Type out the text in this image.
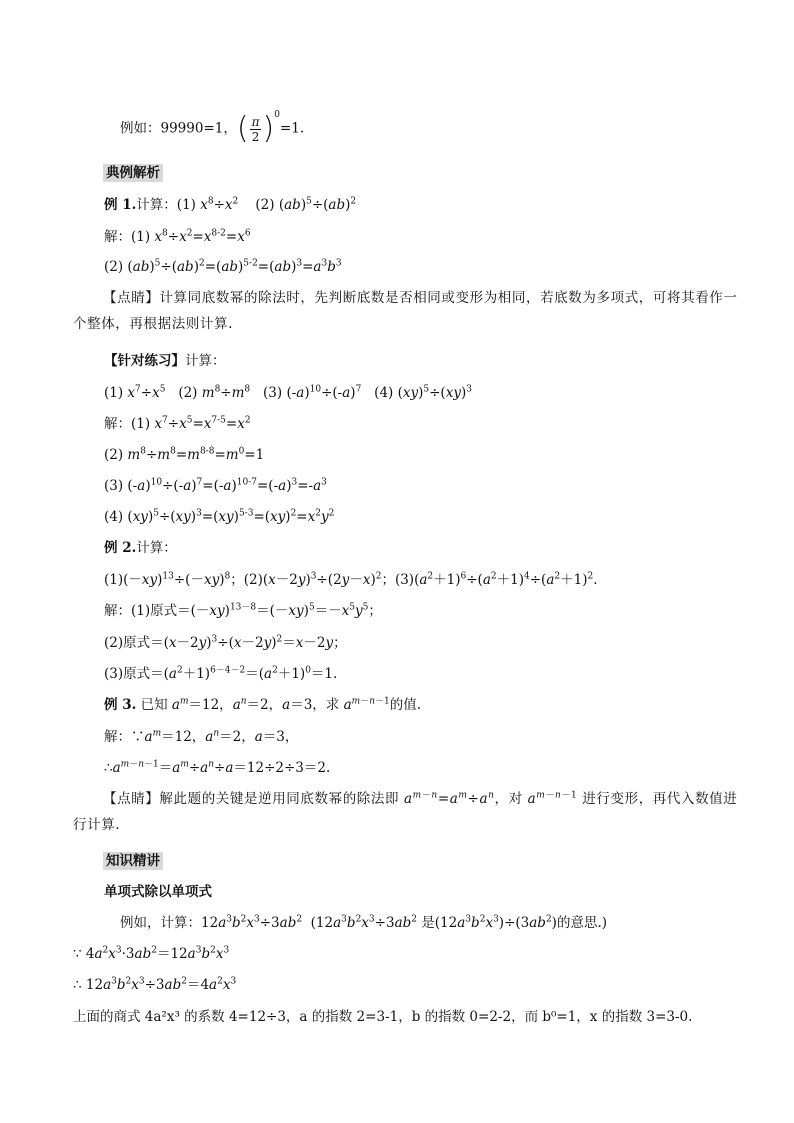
例如：99990=1，( $\frac{\pi}{2} )^0=1$.
典例解析
例 1.计算：(1) $x^8\div x^2$    (2) (ab)$^5$÷(ab)$^2$
解：(1) $x^8\div x^2=x^{8-2}=x^6$
(2) $(ab)^5\div(ab)^2=(ab)^{5-2}=(ab)^3=a^3b^3$
【点睛】计算同底数幂的除法时，先判断底数是否相同或变形为相同，若底数为多项式，可将其看作一个整体，再根据法则计算.
【针对练习】计算：
(1) $x^7\div x^5$   (2) $m^8\div m^8$   (3) $(-a)^{10}\div(-a)^7$   (4) (xy)$^5$÷(xy)$^3$
解：(1) $x^7\div x^5=x^{7-5}=x^2$
(2) $m^8\div m^8=m^{8-8}=m^0=1$
(3) $(-a)^{10}\div(-a)^7=(-a)^{10-7}=(-a)^3=-a^3$
(4) $(xy)^5\div(xy)^3=(xy)^{5-3}=(xy)^2=x^2y^2$
例 2.计算：
$(1)(-xy)^{13}\div(-xy)^8$；$(2)(x-2y)^3\div(2y-x)^2$；$(3)(a^2+1)^6\div(a^2+1)^4\div(a^2+1)^2$.
解：(1)原式$=(-xy)^{13-8}=(-xy)^5=-x^5y^5$；
(2)原式$=(x-2y)^3\div(x-2y)^2=x-2y$；
(3)原式$=(a^2+1)^{6-4-2}=(a^2+1)^0=1$.
例 3. 已知 $a^m=12$，$a^n=2$，a＝3，求 $a^{m-n-1}$的值.
解：$\because a^m=12$，$a^n=2$，a＝3，
$\therefore a^{m-n-1}=a^m\div a^n\div a=12\div 2\div 3=2$.
【点睛】解此题的关键是逆用同底数幂的除法即 $a^{m-n}=a^m\div a^n$，对 $a^{m-n-1}$ 进行变形，再代入数值进行计算.
知识精讲
单项式除以单项式
例如，计算：$12a^3b^2x^3\div 3ab^2$  ($12a^3b^2x^3\div 3ab^2$ 是$(12a^3b^2x^3)\div(3ab^2)$的意思.)
∵ $4a^2x^3\cdot 3ab^2=12a^3b^2x^3$
∴ $12a^3b^2x^3\div 3ab^2=4a^2x^3$
上面的商式 4a²x³ 的系数 4=12÷3，a 的指数 2=3-1，b 的指数 0=2-2，而 b⁰=1，x 的指数 3=3-0.
